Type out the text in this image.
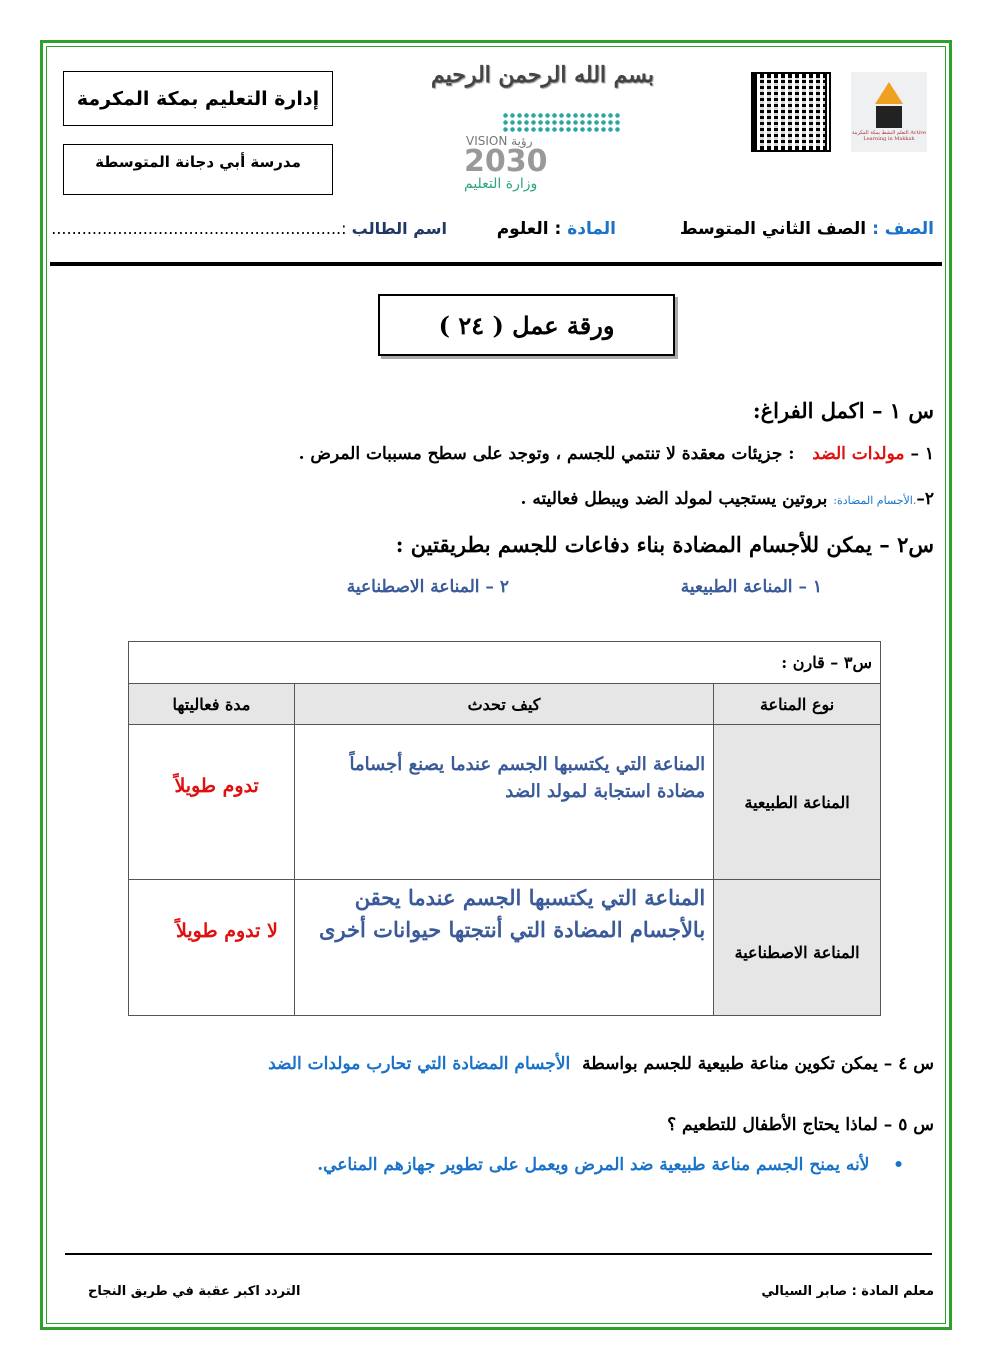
إدارة التعليم بمكة المكرمة
مدرسة أبي دجانة المتوسطة
بسم الله الرحمن الرحيم
VISION رؤية
2030
وزارة التعليم
التعلم النشط بمكة المكرمة Active Learning in Makkah
الصف : الصف الثاني المتوسط
المادة : العلوم
اسم الطالب :.........................................................
ورقة عمل ( ٢٤ )
س ١ – اكمل الفراغ:
١ – مولدات الضد   : جزيئات معقدة لا تنتمي للجسم ، وتوجد على سطح مسببات المرض .
٢–.الأجسام المضادة: بروتين يستجيب لمولد الضد ويبطل فعاليته .
س٢ – يمكن للأجسام المضادة بناء دفاعات للجسم بطريقتين :
١ – المناعة الطبيعية
٢ – المناعة الاصطناعية
س٣ – قارن :		
نوع المناعة	كيف تحدث	مدة فعاليتها
المناعة الطبيعية	المناعة التي يكتسبها الجسم عندما يصنع أجساماً مضادة استجابة لمولد الضد	تدوم طويلاً
المناعة الاصطناعية	المناعة التي يكتسبها الجسم عندما يحقن بالأجسام المضادة التي أنتجتها حيوانات أخرى	لا تدوم طويلاً
س ٤ – يمكن تكوين مناعة طبيعية للجسم بواسطة  الأجسام المضادة التي تحارب مولدات الضد
س ٥ – لماذا يحتاج الأطفال للتطعيم ؟
•    لأنه يمنح الجسم مناعة طبيعية ضد المرض ويعمل على تطوير جهازهم المناعي.
معلم المادة : صابر السيالي
التردد اكبر عقبة في طريق النجاح
